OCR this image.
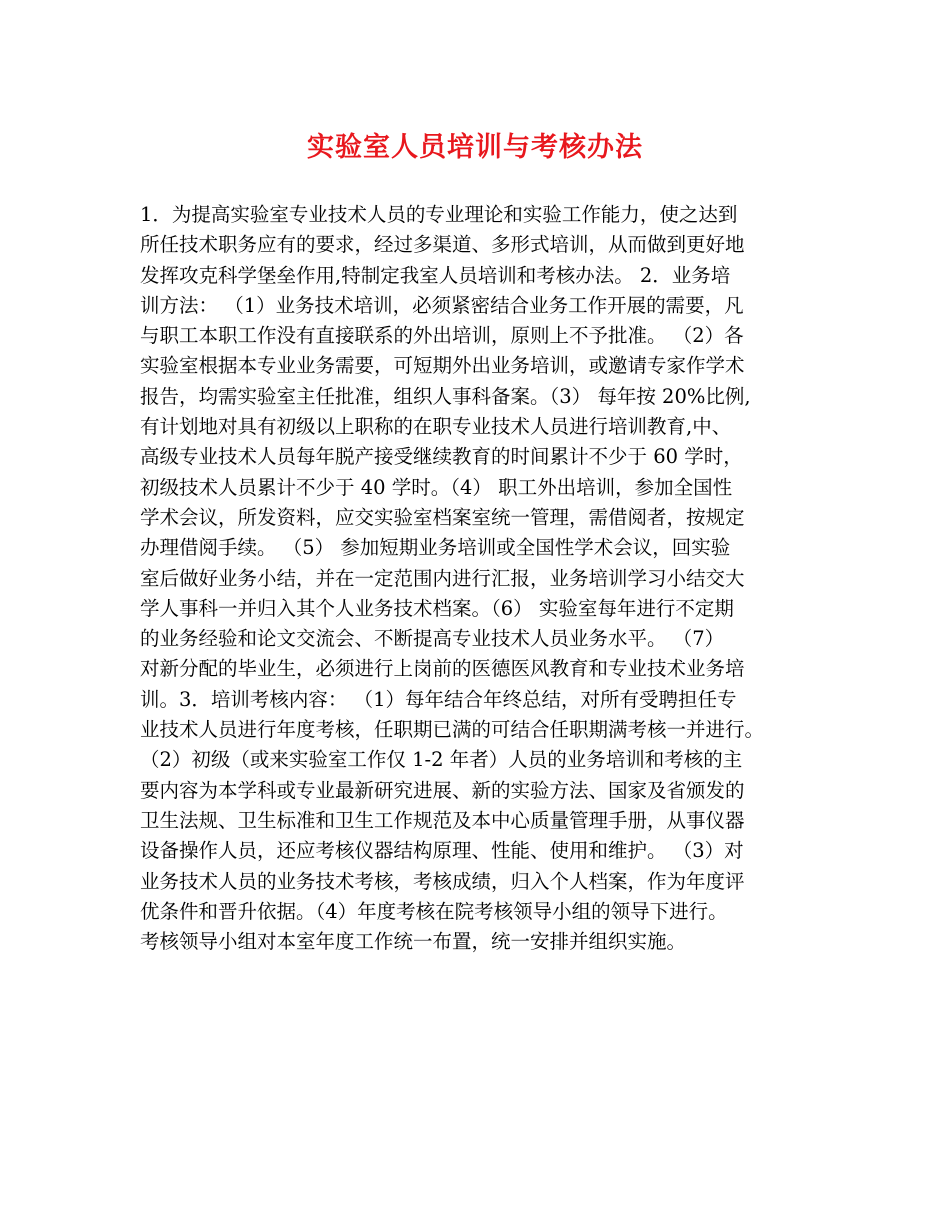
实验室人员培训与考核办法
1．为提高实验室专业技术人员的专业理论和实验工作能力，使之达到
所任技术职务应有的要求，经过多渠道、多形式培训，从而做到更好地
发挥攻克科学堡垒作用,特制定我室人员培训和考核办法。 2．业务培
训方法： （1）业务技术培训，必须紧密结合业务工作开展的需要，凡
与职工本职工作没有直接联系的外出培训，原则上不予批准。 （2）各
实验室根据本专业业务需要，可短期外出业务培训，或邀请专家作学术
报告，均需实验室主任批准，组织人事科备案。（3） 每年按 20%比例,
有计划地对具有初级以上职称的在职专业技术人员进行培训教育,中、
高级专业技术人员每年脱产接受继续教育的时间累计不少于 60 学时，
初级技术人员累计不少于 40 学时。（4） 职工外出培训，参加全国性
学术会议，所发资料，应交实验室档案室统一管理，需借阅者，按规定
办理借阅手续。 （5） 参加短期业务培训或全国性学术会议，回实验
室后做好业务小结，并在一定范围内进行汇报，业务培训学习小结交大
学人事科一并归入其个人业务技术档案。（6） 实验室每年进行不定期
的业务经验和论文交流会、不断提高专业技术人员业务水平。 （7）
对新分配的毕业生，必须进行上岗前的医德医风教育和专业技术业务培
训。3．培训考核内容： （1）每年结合年终总结，对所有受聘担任专
业技术人员进行年度考核，任职期已满的可结合任职期满考核一并进行。
（2）初级（或来实验室工作仅 1-2 年者）人员的业务培训和考核的主
要内容为本学科或专业最新研究进展、新的实验方法、国家及省颁发的
卫生法规、卫生标准和卫生工作规范及本中心质量管理手册，从事仪器
设备操作人员，还应考核仪器结构原理、性能、使用和维护。 （3）对
业务技术人员的业务技术考核，考核成绩，归入个人档案，作为年度评
优条件和晋升依据。（4）年度考核在院考核领导小组的领导下进行。
考核领导小组对本室年度工作统一布置，统一安排并组织实施。
